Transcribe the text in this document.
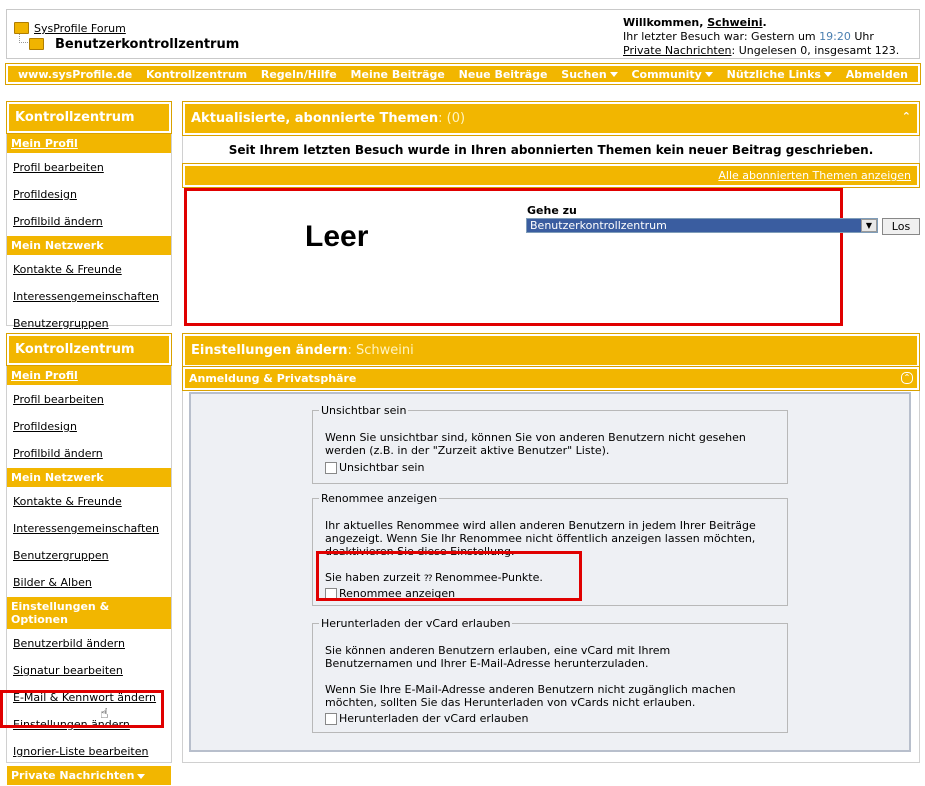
SysProfile Forum
Benutzerkontrollzentrum
Willkommen, Schweini.
Ihr letzter Besuch war: Gestern um 19:20 Uhr
Private Nachrichten: Ungelesen 0, insgesamt 123.
www.sysProfile.de Kontrollzentrum Regeln/Hilfe Meine Beiträge Neue Beiträge Suchen	Community	Nützliche Links	Abmelden
Kontrollzentrum
Mein Profil
Profil bearbeiten
Profildesign
Profilbild ändern
Mein Netzwerk
Kontakte & Freunde
Interessengemeinschaften
Benutzergruppen
Aktualisierte, abonnierte Themen: (0)	⌃
Seit Ihrem letzten Besuch wurde in Ihren abonnierten Themen kein neuer Beitrag geschrieben.
Alle abonnierten Themen anzeigen
Leer
Gehe zu
Benutzerkontrollzentrum	▼	Los
Kontrollzentrum
Mein Profil
Profil bearbeiten
Profildesign
Profilbild ändern
Mein Netzwerk
Kontakte & Freunde
Interessengemeinschaften
Benutzergruppen
Bilder & Alben
Einstellungen & Optionen
Benutzerbild ändern
Signatur bearbeiten
E-Mail & Kennwort ändern
Einstellungen ändern
Ignorier-Liste bearbeiten
Private Nachrichten
☝
Einstellungen ändern: Schweini
Anmeldung & Privatsphäre	⌃
Unsichtbar sein
Wenn Sie unsichtbar sind, können Sie von anderen Benutzern nicht gesehen
werden (z.B. in der "Zurzeit aktive Benutzer" Liste).
Unsichtbar sein
Renommee anzeigen
Ihr aktuelles Renommee wird allen anderen Benutzern in jedem Ihrer Beiträge
angezeigt. Wenn Sie Ihr Renommee nicht öffentlich anzeigen lassen möchten,
deaktivieren Sie diese Einstellung.
Sie haben zurzeit ?? Renommee-Punkte.
Renommee anzeigen
Herunterladen der vCard erlauben
Sie können anderen Benutzern erlauben, eine vCard mit Ihrem
Benutzernamen und Ihrer E-Mail-Adresse herunterzuladen.
Wenn Sie Ihre E-Mail-Adresse anderen Benutzern nicht zugänglich machen
möchten, sollten Sie das Herunterladen von vCards nicht erlauben.
Herunterladen der vCard erlauben
